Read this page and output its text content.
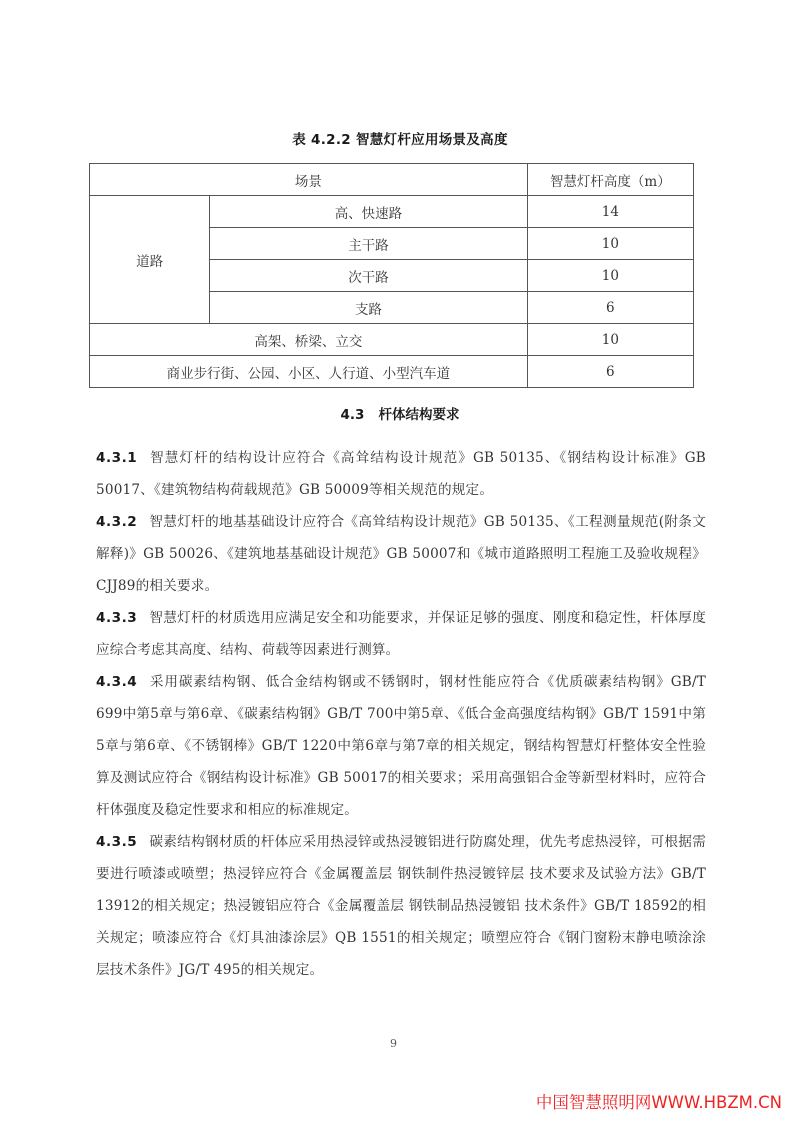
表 4.2.2 智慧灯杆应用场景及高度
场景		智慧灯杆高度（m）
道路	高、快速路	14
	主干路	10
	次干路	10
	支路	6
高架、桥梁、立交		10
商业步行街、公园、小区、人行道、小型汽车道		6
4.3 杆体结构要求
4.3.1 智慧灯杆的结构设计应符合《高耸结构设计规范》GB 50135、《钢结构设计标准》GB 50017、《建筑物结构荷载规范》GB 50009等相关规范的规定。
4.3.2 智慧灯杆的地基基础设计应符合《高耸结构设计规范》GB 50135、《工程测量规范(附条文解释)》GB 50026、《建筑地基基础设计规范》GB 50007和《城市道路照明工程施工及验收规程》CJJ89的相关要求。
4.3.3 智慧灯杆的材质选用应满足安全和功能要求，并保证足够的强度、刚度和稳定性，杆体厚度应综合考虑其高度、结构、荷载等因素进行测算。
4.3.4 采用碳素结构钢、低合金结构钢或不锈钢时，钢材性能应符合《优质碳素结构钢》GB/T 699中第5章与第6章、《碳素结构钢》GB/T 700中第5章、《低合金高强度结构钢》GB/T 1591中第5章与第6章、《不锈钢棒》GB/T 1220中第6章与第7章的相关规定，钢结构智慧灯杆整体安全性验算及测试应符合《钢结构设计标准》GB 50017的相关要求；采用高强铝合金等新型材料时，应符合杆体强度及稳定性要求和相应的标准规定。
4.3.5 碳素结构钢材质的杆体应采用热浸锌或热浸镀铝进行防腐处理，优先考虑热浸锌，可根据需要进行喷漆或喷塑；热浸锌应符合《金属覆盖层 钢铁制件热浸镀锌层 技术要求及试验方法》GB/T 13912的相关规定；热浸镀铝应符合《金属覆盖层 钢铁制品热浸镀铝 技术条件》GB/T 18592的相关规定；喷漆应符合《灯具油漆涂层》QB 1551的相关规定；喷塑应符合《钢门窗粉末静电喷涂涂层技术条件》JG/T 495的相关规定。
9
中国智慧照明网WWW.HBZM.CN
